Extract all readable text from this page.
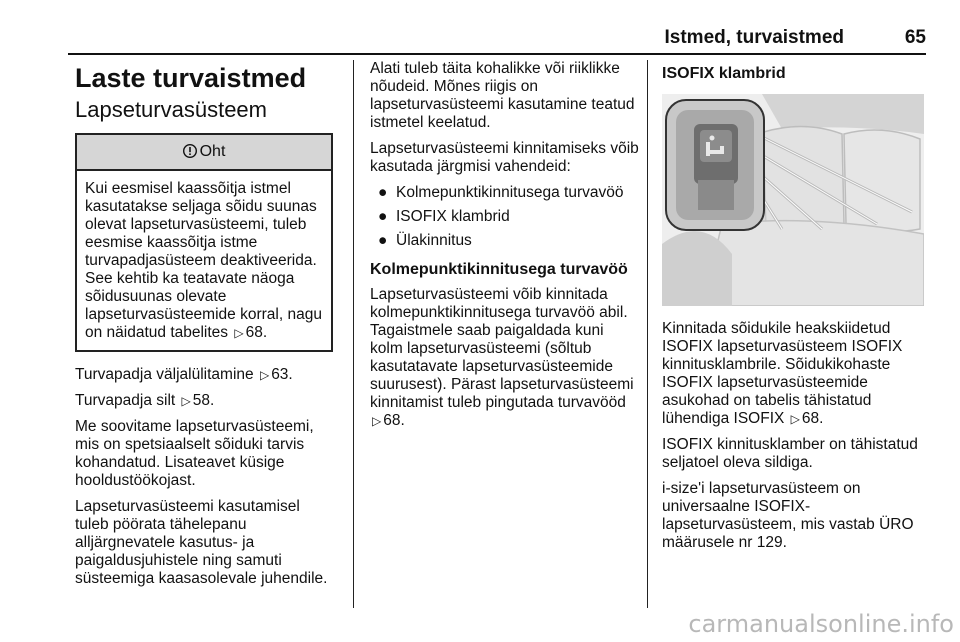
Istmed, turvaistmed	65
Laste turvaistmed
Lapseturvasüsteem
Oht
Kui eesmisel kaassõitja istmel kasutatakse seljaga sõidu suunas olevat lapseturvasüsteemi, tuleb eesmise kaassõitja istme turvapadjasüsteem deaktiveerida. See kehtib ka teatavate näoga sõidusuunas olevate lapseturvasüsteemide korral, nagu on näidatud tabelites ▷ 68.

Turvapadja väljalülitamine ▷ 63.

Turvapadja silt ▷ 58.

Me soovitame lapseturvasüsteemi, mis on spetsiaalselt sõiduki tarvis kohandatud. Lisateavet küsige hooldustöökojast.

Lapseturvasüsteemi kasutamisel tuleb pöörata tähelepanu alljärgnevatele kasutus- ja paigaldusjuhistele ning samuti süsteemiga kaasasolevale juhendile.

Alati tuleb täita kohalikke või riiklikke nõudeid. Mõnes riigis on lapseturvasüsteemi kasutamine teatud istmetel keelatud.

Lapseturvasüsteemi kinnitamiseks võib kasutada järgmisi vahendeid:

● Kolmepunktikinnitusega turvavöö
● ISOFIX klambrid
● Ülakinnitus
Kolmepunktikinnitusega turvavöö

Lapseturvasüsteemi võib kinnitada kolmepunktikinnitusega turvavöö abil. Tagaistmele saab paigaldada kuni kolm lapseturvasüsteemi (sõltub kasutatavate lapseturvasüsteemide suurusest). Pärast lapseturvasüsteemi kinnitamist tuleb pingutada turvavööd ▷ 68.

ISOFIX klambrid

Kinnitada sõidukile heakskiidetud ISOFIX lapseturvasüsteem ISOFIX kinnitusklambrile. Sõidukikohaste ISOFIX lapseturvasüsteemide asukohad on tabelis tähistatud lühendiga ISOFIX ▷ 68.

ISOFIX kinnitusklamber on tähistatud seljatoel oleva sildiga.

i-size'i lapseturvasüsteem on universaalne ISOFIX-lapseturvasüsteem, mis vastab ÜRO määrusele nr 129.

carmanualsonline.info
